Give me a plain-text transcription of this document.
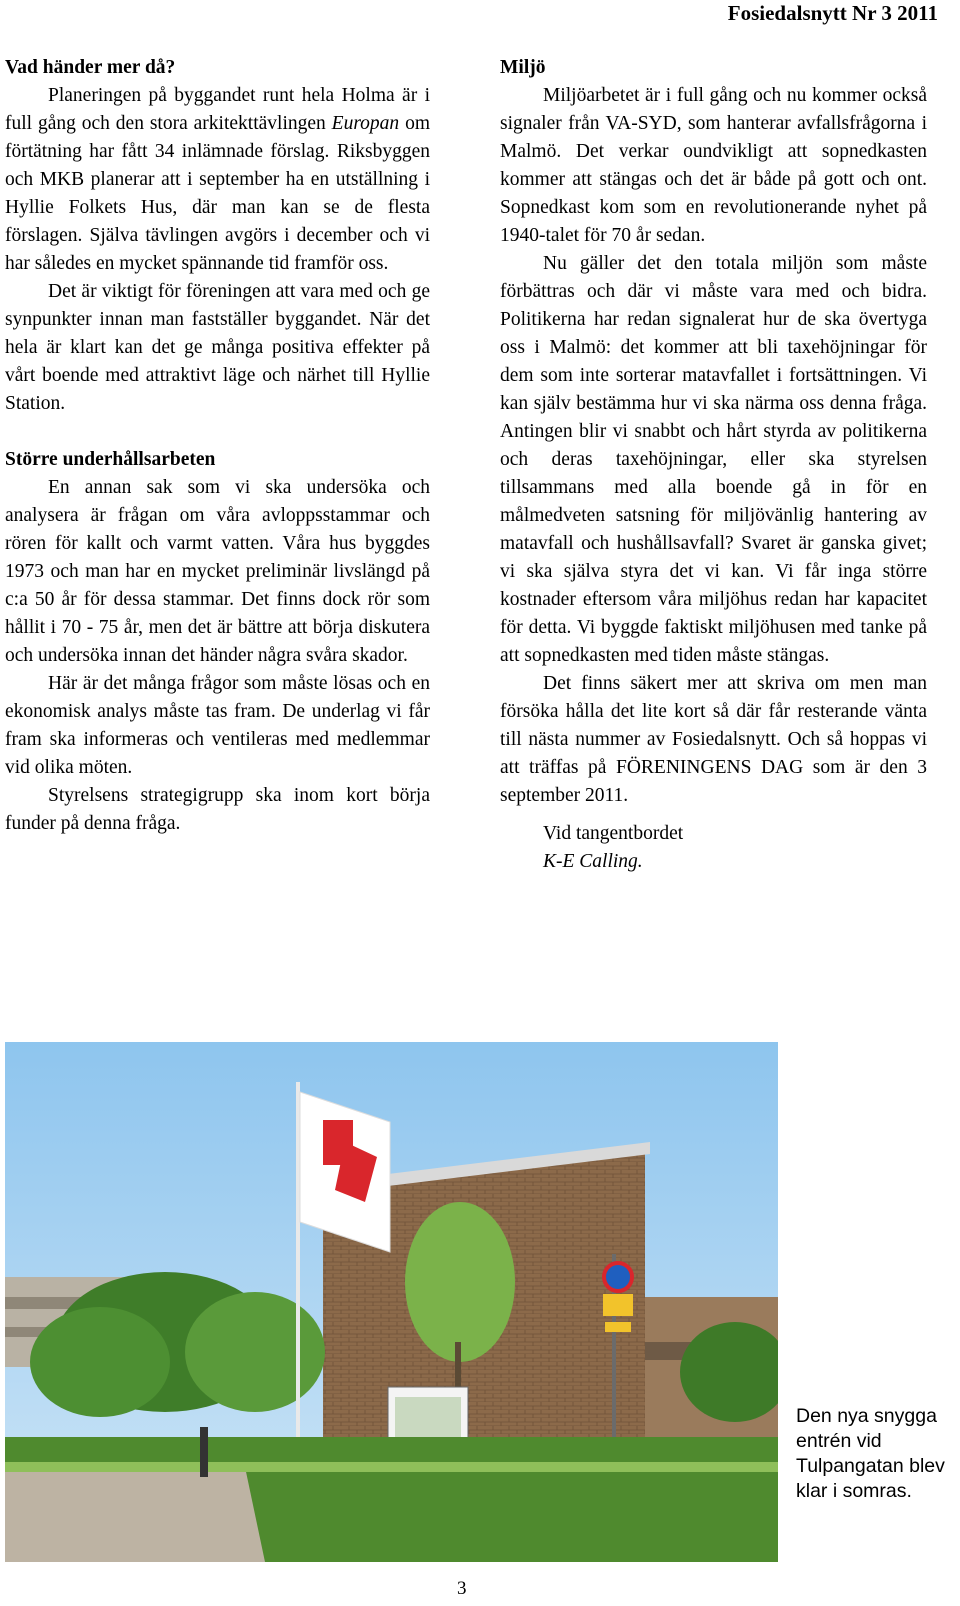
Fosiedalsnytt Nr 3 2011
Vad händer mer då?

Planeringen på byggandet runt hela Holma är i full gång och den stora arkitekttävlingen Europan om förtätning har fått 34 inlämnade förslag. Riksbyggen och MKB planerar att i september ha en utställning i Hyllie Folkets Hus, där man kan se de flesta förslagen. Själva tävlingen avgörs i december och vi har således en mycket spännande tid framför oss.

Det är viktigt för föreningen att vara med och ge synpunkter innan man fastställer byggandet. När det hela är klart kan det ge många positiva effekter på vårt boende med attraktivt läge och närhet till Hyllie Station.

Större underhållsarbeten

En annan sak som vi ska undersöka och analysera är frågan om våra avloppsstammar och rören för kallt och varmt vatten. Våra hus byggdes 1973 och man har en mycket preliminär livslängd på c:a 50 år för dessa stammar. Det finns dock rör som hållit i 70 - 75 år, men det är bättre att börja diskutera och undersöka innan det händer några svåra skador.

Här är det många frågor som måste lösas och en ekonomisk analys måste tas fram. De underlag vi får fram ska informeras och ventileras med medlemmar vid olika möten.

Styrelsens strategigrupp ska inom kort börja funder på denna fråga.

Miljö

Miljöarbetet är i full gång och nu kommer också signaler från VA-SYD, som hanterar avfallsfrågorna i Malmö. Det verkar oundvikligt att sopnedkasten kommer att stängas och det är både på gott och ont. Sopnedkast kom som en revolutionerande nyhet på 1940-talet för 70 år sedan.

Nu gäller det den totala miljön som måste förbättras och där vi måste vara med och bidra. Politikerna har redan signalerat hur de ska övertyga oss i Malmö: det kommer att bli taxehöjningar för dem som inte sorterar matavfallet i fortsättningen. Vi kan själv bestämma hur vi ska närma oss denna fråga. Antingen blir vi snabbt och hårt styrda av politikerna och deras taxehöjningar, eller ska styrelsen tillsammans med alla boende gå in för en målmedveten satsning för miljövänlig hantering av matavfall och hushållsavfall? Svaret är ganska givet; vi ska själva styra det vi kan. Vi får inga större kostnader eftersom våra miljöhus redan har kapacitet för detta. Vi byggde faktiskt miljöhusen med tanke på att sopnedkasten med tiden måste stängas.

Det finns säkert mer att skriva om men man försöka hålla det lite kort så där får resterande vänta till nästa nummer av Fosiedalsnytt. Och så hoppas vi att träffas på FÖRENINGENS DAG som är den 3 september 2011.

Vid tangentbordet
K-E Calling.
Den nya snygga entrén vid Tulpangatan blev klar i somras.
3
